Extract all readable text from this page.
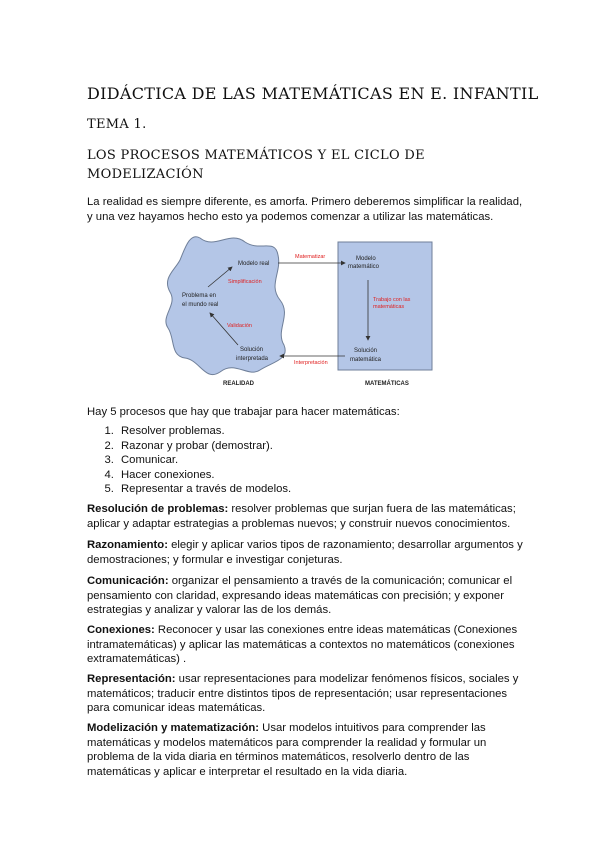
DIDÁCTICA DE LAS MATEMÁTICAS EN E. INFANTIL
TEMA 1.
LOS PROCESOS MATEMÁTICOS Y EL CICLO DE MODELIZACIÓN

La realidad es siempre diferente, es amorfa. Primero deberemos simplificar la realidad, y una vez hayamos hecho esto ya podemos comenzar a utilizar las matemáticas.

Modelo real
Modelo
matemático
Problema en
el mundo real
Solución
interpretada
Solución
matemática
Matematizar
Simplificación
Validación
Trabajo con las
matemáticas
Interpretación
REALIDAD	MATEMÁTICAS

Hay 5 procesos que hay que trabajar para hacer matemáticas:

1. Resolver problemas.
2. Razonar y probar (demostrar).
3. Comunicar.
4. Hacer conexiones.
5. Representar a través de modelos.

Resolución de problemas: resolver problemas que surjan fuera de las matemáticas; aplicar y adaptar estrategias a problemas nuevos; y construir nuevos conocimientos.

Razonamiento: elegir y aplicar varios tipos de razonamiento; desarrollar argumentos y demostraciones; y formular e investigar conjeturas.

Comunicación: organizar el pensamiento a través de la comunicación; comunicar el pensamiento con claridad, expresando ideas matemáticas con precisión; y exponer estrategias y analizar y valorar las de los demás.

Conexiones: Reconocer y usar las conexiones entre ideas matemáticas (Conexiones intramatemáticas) y aplicar las matemáticas a contextos no matemáticos (conexiones extramatemáticas) .

Representación: usar representaciones para modelizar fenómenos físicos, sociales y matemáticos; traducir entre distintos tipos de representación; usar representaciones para comunicar ideas matemáticas.

Modelización y matematización: Usar modelos intuitivos para comprender las matemáticas y modelos matemáticos para comprender la realidad y formular un problema de la vida diaria en términos matemáticos, resolverlo dentro de las matemáticas y aplicar e interpretar el resultado en la vida diaria.
